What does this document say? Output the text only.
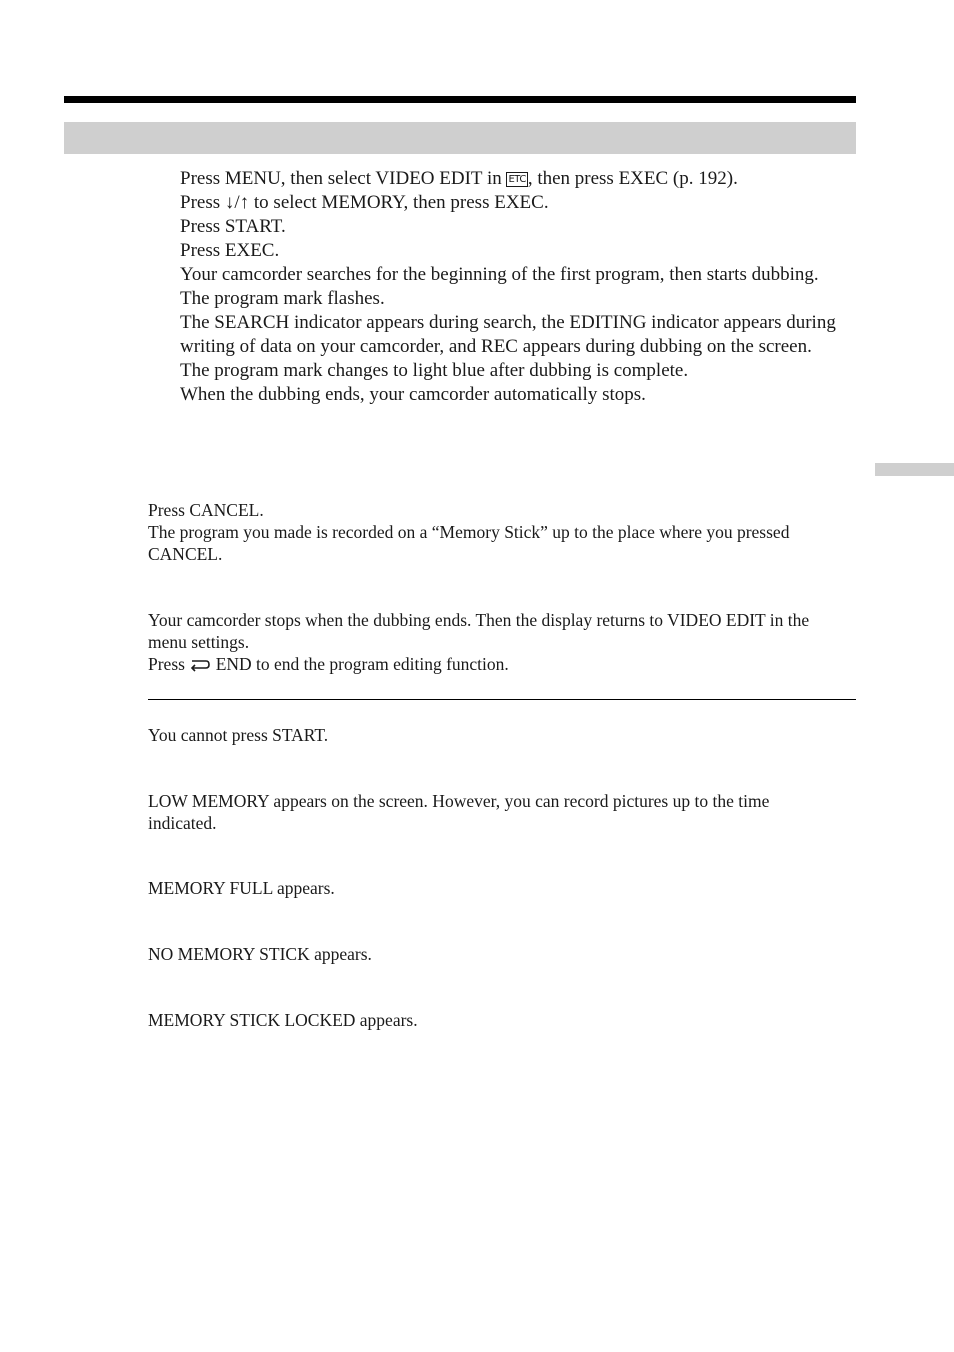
Press MENU, then select VIDEO EDIT in ETC , then press EXEC (p. 192).
Press ↓/↑ to select MEMORY, then press EXEC.
Press START.
Press EXEC.
Your camcorder searches for the beginning of the first program, then starts dubbing.
The program mark flashes.
The SEARCH indicator appears during search, the EDITING indicator appears during writing of data on your camcorder, and REC appears during dubbing on the screen.
The program mark changes to light blue after dubbing is complete.
When the dubbing ends, your camcorder automatically stops.
Press CANCEL.
The program you made is recorded on a “Memory Stick” up to the place where you pressed CANCEL.
Your camcorder stops when the dubbing ends. Then the display returns to VIDEO EDIT in the menu settings.
Press  END to end the program editing function.
You cannot press START.
LOW MEMORY appears on the screen. However, you can record pictures up to the time indicated.
MEMORY FULL appears.
NO MEMORY STICK appears.
MEMORY STICK LOCKED appears.
